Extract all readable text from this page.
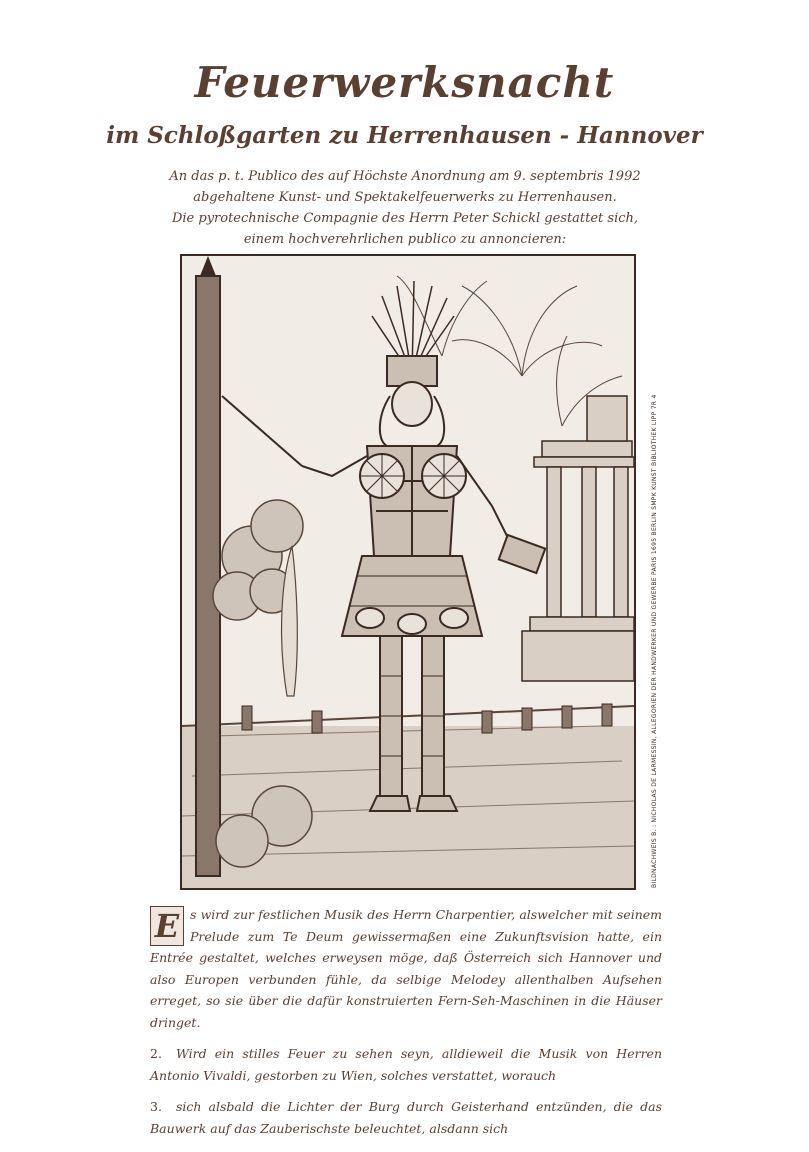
Feuerwerksnacht
im Schloßgarten zu Herrenhausen - Hannover
An das p. t. Publico des auf Höchste Anordnung am 9. septembris 1992
abgehaltene Kunst- und Spektakelfeuerwerks zu Herrenhausen.
Die pyrotechnische Compagnie des Herrn Peter Schickl gestattet sich,
einem hochverehrlichen publico zu annoncieren:
BILDNACHWEIS B. : NICHOLAS DE LARMESSIN, ALLEGORIEN DER HANDWERKER UND GEWERBE PARIS 1695 BERLIN SMPK KUNST BIBLIOTHEK LIPP 7R 4
E s wird zur festlichen Musik des Herrn Charpentier, alswelcher mit seinem Prelude zum Te Deum gewissermaßen eine Zukunftsvision hatte, ein Entrée gestaltet, welches erweysen möge, daß Österreich sich Hannover und also Europen verbunden fühle, da selbige Melodey allenthalben Aufsehen erreget, so sie über die dafür konstruierten Fern-Seh-Maschinen in die Häuser dringet.
2. Wird ein stilles Feuer zu sehen seyn, alldieweil die Musik von Herren Antonio Vivaldi, gestorben zu Wien, solches verstattet, worauch
3. sich alsbald die Lichter der Burg durch Geisterhand entzünden, die das Bauwerk auf das Zauberischste beleuchtet, alsdann sich
